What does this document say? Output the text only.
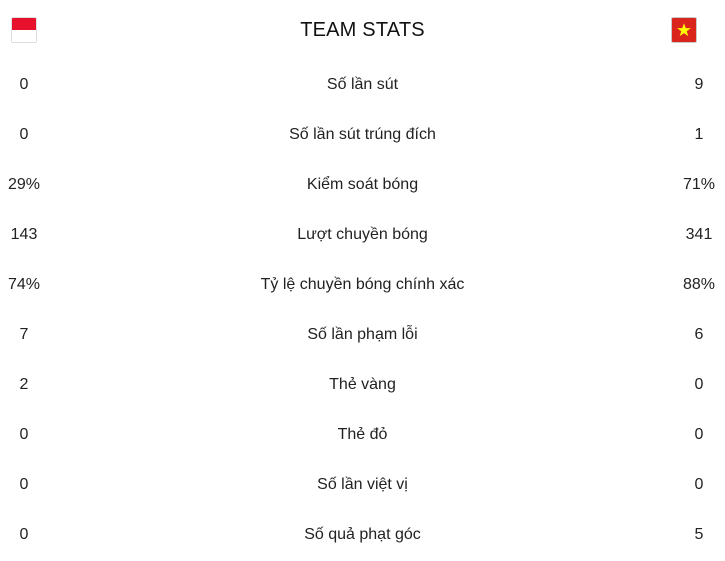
TEAM STATS
0	Số lần sút	9
0	Số lần sút trúng đích	1
29%	Kiểm soát bóng	71%
143	Lượt chuyền bóng	341
74%	Tỷ lệ chuyền bóng chính xác	88%
7	Số lần phạm lỗi	6
2	Thẻ vàng	0
0	Thẻ đỏ	0
0	Số lần việt vị	0
0	Số quả phạt góc	5
